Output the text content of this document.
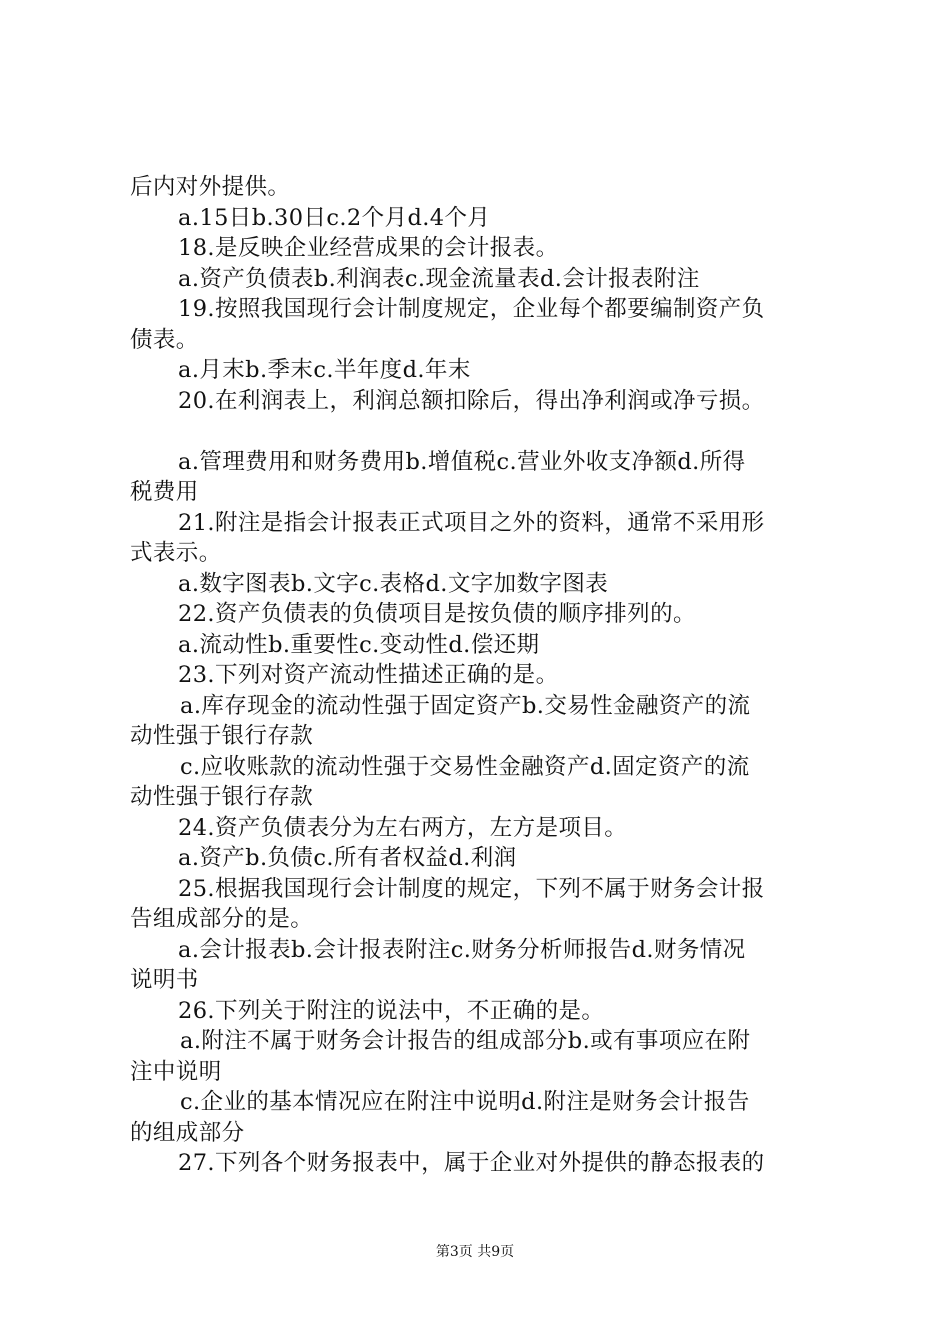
后内对外提供。
a.15日b.30日c.2个月d.4个月
18.是反映企业经营成果的会计报表。
a.资产负债表b.利润表c.现金流量表d.会计报表附注
19.按照我国现行会计制度规定，企业每个都要编制资产负
债表。
a.月末b.季末c.半年度d.年末
20.在利润表上，利润总额扣除后，得出净利润或净亏损。
a.管理费用和财务费用b.增值税c.营业外收支净额d.所得
税费用
21.附注是指会计报表正式项目之外的资料，通常不采用形
式表示。
a.数字图表b.文字c.表格d.文字加数字图表
22.资产负债表的负债项目是按负债的顺序排列的。
a.流动性b.重要性c.变动性d.偿还期
23.下列对资产流动性描述正确的是。
a.库存现金的流动性强于固定资产b.交易性金融资产的流
动性强于银行存款
c.应收账款的流动性强于交易性金融资产d.固定资产的流
动性强于银行存款
24.资产负债表分为左右两方，左方是项目。
a.资产b.负债c.所有者权益d.利润
25.根据我国现行会计制度的规定，下列不属于财务会计报
告组成部分的是。
a.会计报表b.会计报表附注c.财务分析师报告d.财务情况
说明书
26.下列关于附注的说法中，不正确的是。
a.附注不属于财务会计报告的组成部分b.或有事项应在附
注中说明
c.企业的基本情况应在附注中说明d.附注是财务会计报告
的组成部分
27.下列各个财务报表中，属于企业对外提供的静态报表的
第3页 共9页
